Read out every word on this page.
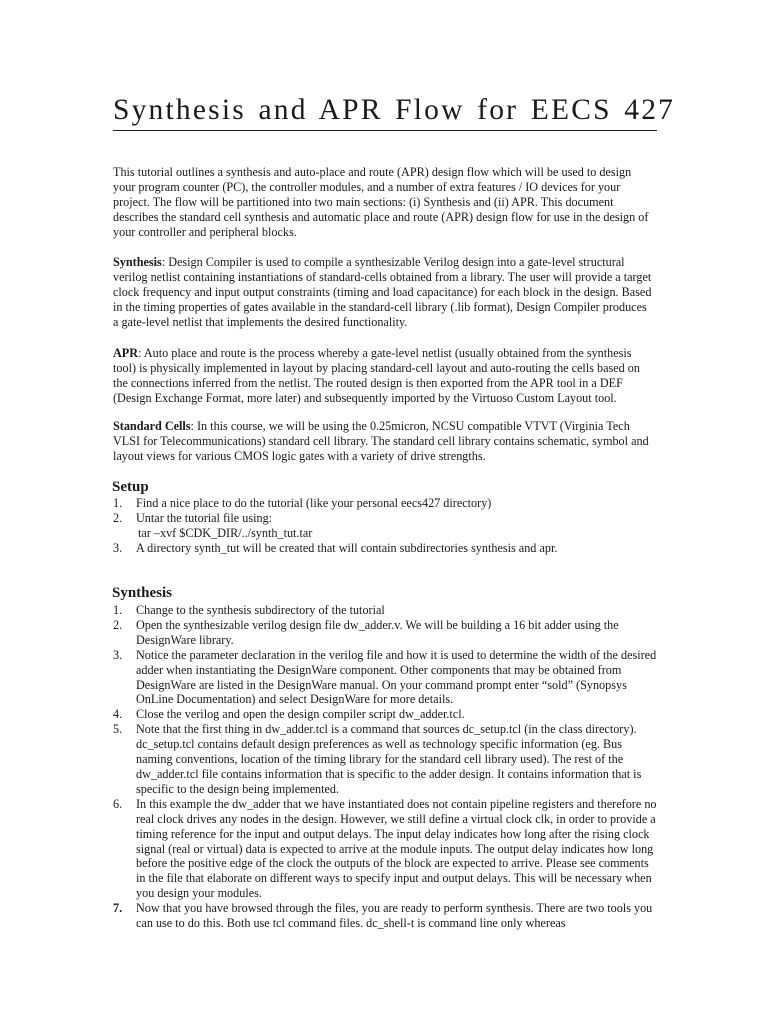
Synthesis and APR Flow for EECS 427

This tutorial outlines a synthesis and auto-place and route (APR) design flow which will be used to design your program counter (PC), the controller modules, and a number of extra features / IO devices for your project. The flow will be partitioned into two main sections: (i) Synthesis and (ii) APR. This document describes the standard cell synthesis and automatic place and route (APR) design flow for use in the design of your controller and peripheral blocks.

Synthesis: Design Compiler is used to compile a synthesizable Verilog design into a gate-level structural verilog netlist containing instantiations of standard-cells obtained from a library. The user will provide a target clock frequency and input output constraints (timing and load capacitance) for each block in the design. Based in the timing properties of gates available in the standard-cell library (.lib format), Design Compiler produces a gate-level netlist that implements the desired functionality.

APR: Auto place and route is the process whereby a gate-level netlist (usually obtained from the synthesis tool) is physically implemented in layout by placing standard-cell layout and auto-routing the cells based on the connections inferred from the netlist. The routed design is then exported from the APR tool in a DEF (Design Exchange Format, more later) and subsequently imported by the Virtuoso Custom Layout tool.

Standard Cells: In this course, we will be using the 0.25micron, NCSU compatible VTVT (Virginia Tech VLSI for Telecommunications) standard cell library. The standard cell library contains schematic, symbol and layout views for various CMOS logic gates with a variety of drive strengths.

Setup
1. Find a nice place to do the tutorial (like your personal eecs427 directory)
2. Untar the tutorial file using:
tar –xvf $CDK_DIR/../synth_tut.tar
3. A directory synth_tut will be created that will contain subdirectories synthesis and apr.
Synthesis
1. Change to the synthesis subdirectory of the tutorial
2. Open the synthesizable verilog design file dw_adder.v. We will be building a 16 bit adder using the DesignWare library.
3. Notice the parameter declaration in the verilog file and how it is used to determine the width of the desired adder when instantiating the DesignWare component. Other components that may be obtained from DesignWare are listed in the DesignWare manual. On your command prompt enter “sold” (Synopsys OnLine Documentation) and select DesignWare for more details.
4. Close the verilog and open the design compiler script dw_adder.tcl.
5. Note that the first thing in dw_adder.tcl is a command that sources dc_setup.tcl (in the class directory). dc_setup.tcl contains default design preferences as well as technology specific information (eg. Bus naming conventions, location of the timing library for the standard cell library used). The rest of the dw_adder.tcl file contains information that is specific to the adder design. It contains information that is specific to the design being implemented.
6. In this example the dw_adder that we have instantiated does not contain pipeline registers and therefore no real clock drives any nodes in the design. However, we still define a virtual clock clk, in order to provide a timing reference for the input and output delays. The input delay indicates how long after the rising clock signal (real or virtual) data is expected to arrive at the module inputs. The output delay indicates how long before the positive edge of the clock the outputs of the block are expected to arrive. Please see comments in the file that elaborate on different ways to specify input and output delays. This will be necessary when you design your modules.
7. Now that you have browsed through the files, you are ready to perform synthesis. There are two tools you can use to do this. Both use tcl command files. dc_shell-t is command line only whereas
